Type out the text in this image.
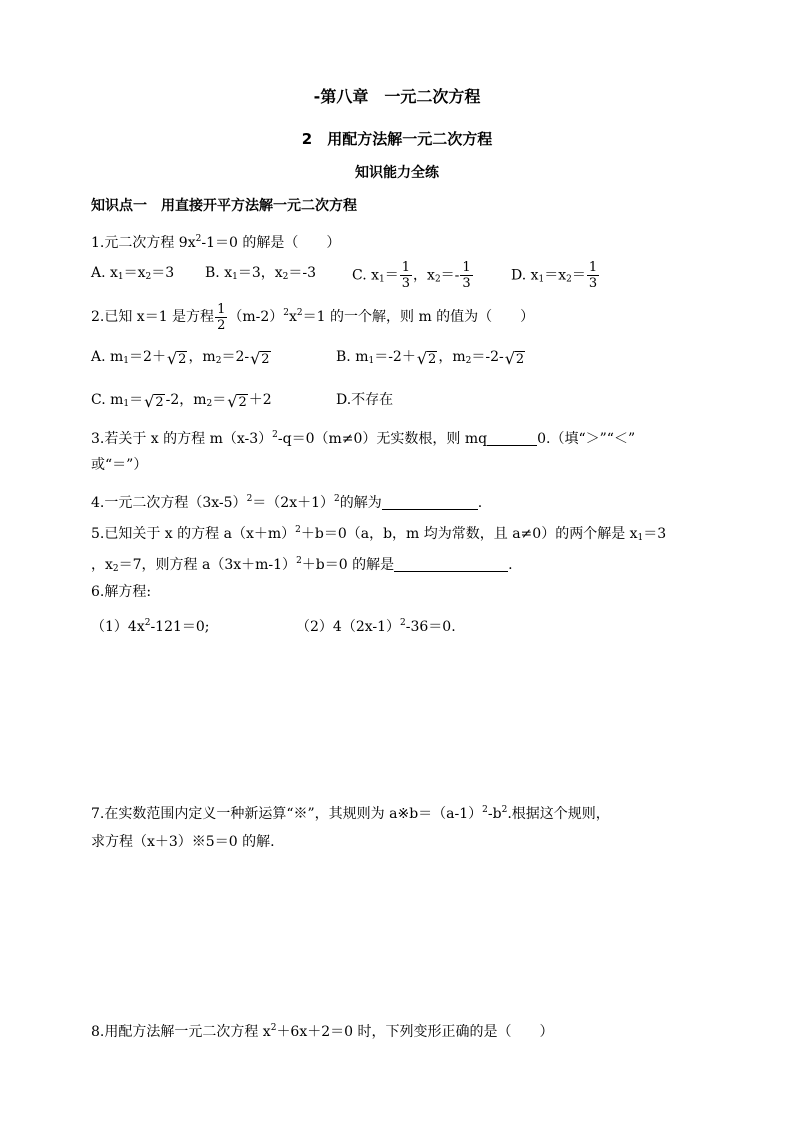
-第八章　一元二次方程
2　用配方法解一元二次方程
知识能力全练
知识点一　用直接开平方法解一元二次方程
1.元二次方程 $9x^2-1=0$ 的解是（　　）
A. $x_1=x_2=3$ B. $x_1=3$，$x_2=-3$	C. $x_1= \frac{1}{3}$ ，$x_2=- \frac{1}{3}$	D. $x_1=x_2= \frac{1}{3}$
2.已知 x＝1 是方程 $\frac{1}{2} (m-2)^2x^2=1$ 的一个解，则 m 的值为（　　）
A. $m_1=2+$ √ 2 ，$m_2=2-$ √ 2	B. $m_1=-2+$ √ 2 ，$m_2=-2-$ √ 2
C. $m_1=$ √ 2 -2，$m_2=$ √ 2 ＋2	D.不存在
3.若关于 x 的方程 $m(x-3)^2-q=0(m\ne 0)$无实数根，则 mq	0.（填“＞”“＜”
或“＝”）
4.一元二次方程$(3x-5)^2=(2x+1)^2$的解为	.
5.已知关于 x 的方程 $a(x+m)^2+b=0(a$，b，m 均为常数，且 a≠0）的两个解是 $x_1=3$
，$x_2=7$，则方程 $a(3x+m-1)^2+b=0$ 的解是	.
6.解方程:
$(1)4x^2-121=0$;	$(2)4(2x-1)^2-36=0$.
7.在实数范围内定义一种新运算“※”，其规则为 $a※b=(a-1)^2-b^2$.根据这个规则，
求方程（x＋3）※5＝0 的解.
8.用配方法解一元二次方程 $x^2+6x+2=0$ 时，下列变形正确的是（　　）
